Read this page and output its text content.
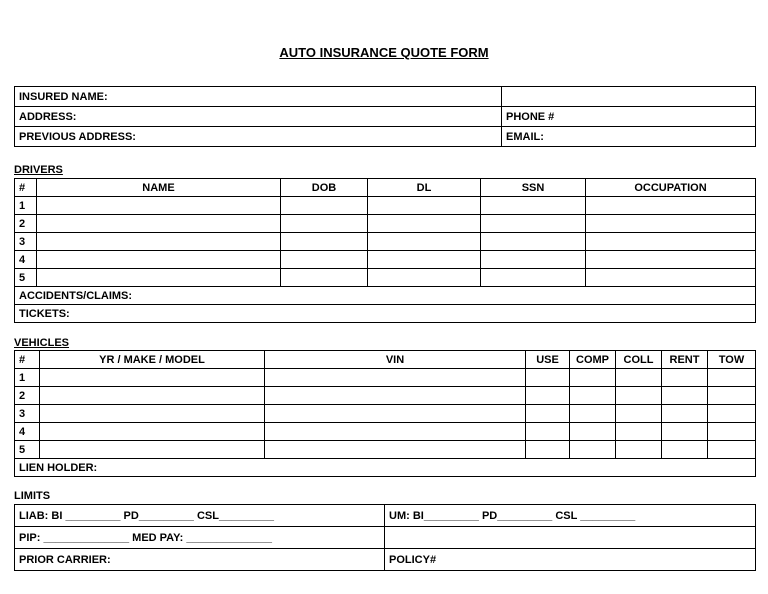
AUTO INSURANCE QUOTE FORM
INSURED NAME:	
ADDRESS:	PHONE #
PREVIOUS ADDRESS:	EMAIL:
DRIVERS
#	NAME	DOB	DL	SSN	OCCUPATION
1					
2					
3					
4					
5					
ACCIDENTS/CLAIMS:					
TICKETS:					
VEHICLES
#	YR / MAKE / MODEL	VIN	USE	COMP	COLL	RENT	TOW
1							
2							
3							
4							
5							
LIEN HOLDER:							
LIMITS
LIAB: BI _________ PD_________ CSL_________	UM: BI_________ PD_________ CSL _________
PIP: ______________ MED PAY: ______________	
PRIOR CARRIER:	POLICY#
